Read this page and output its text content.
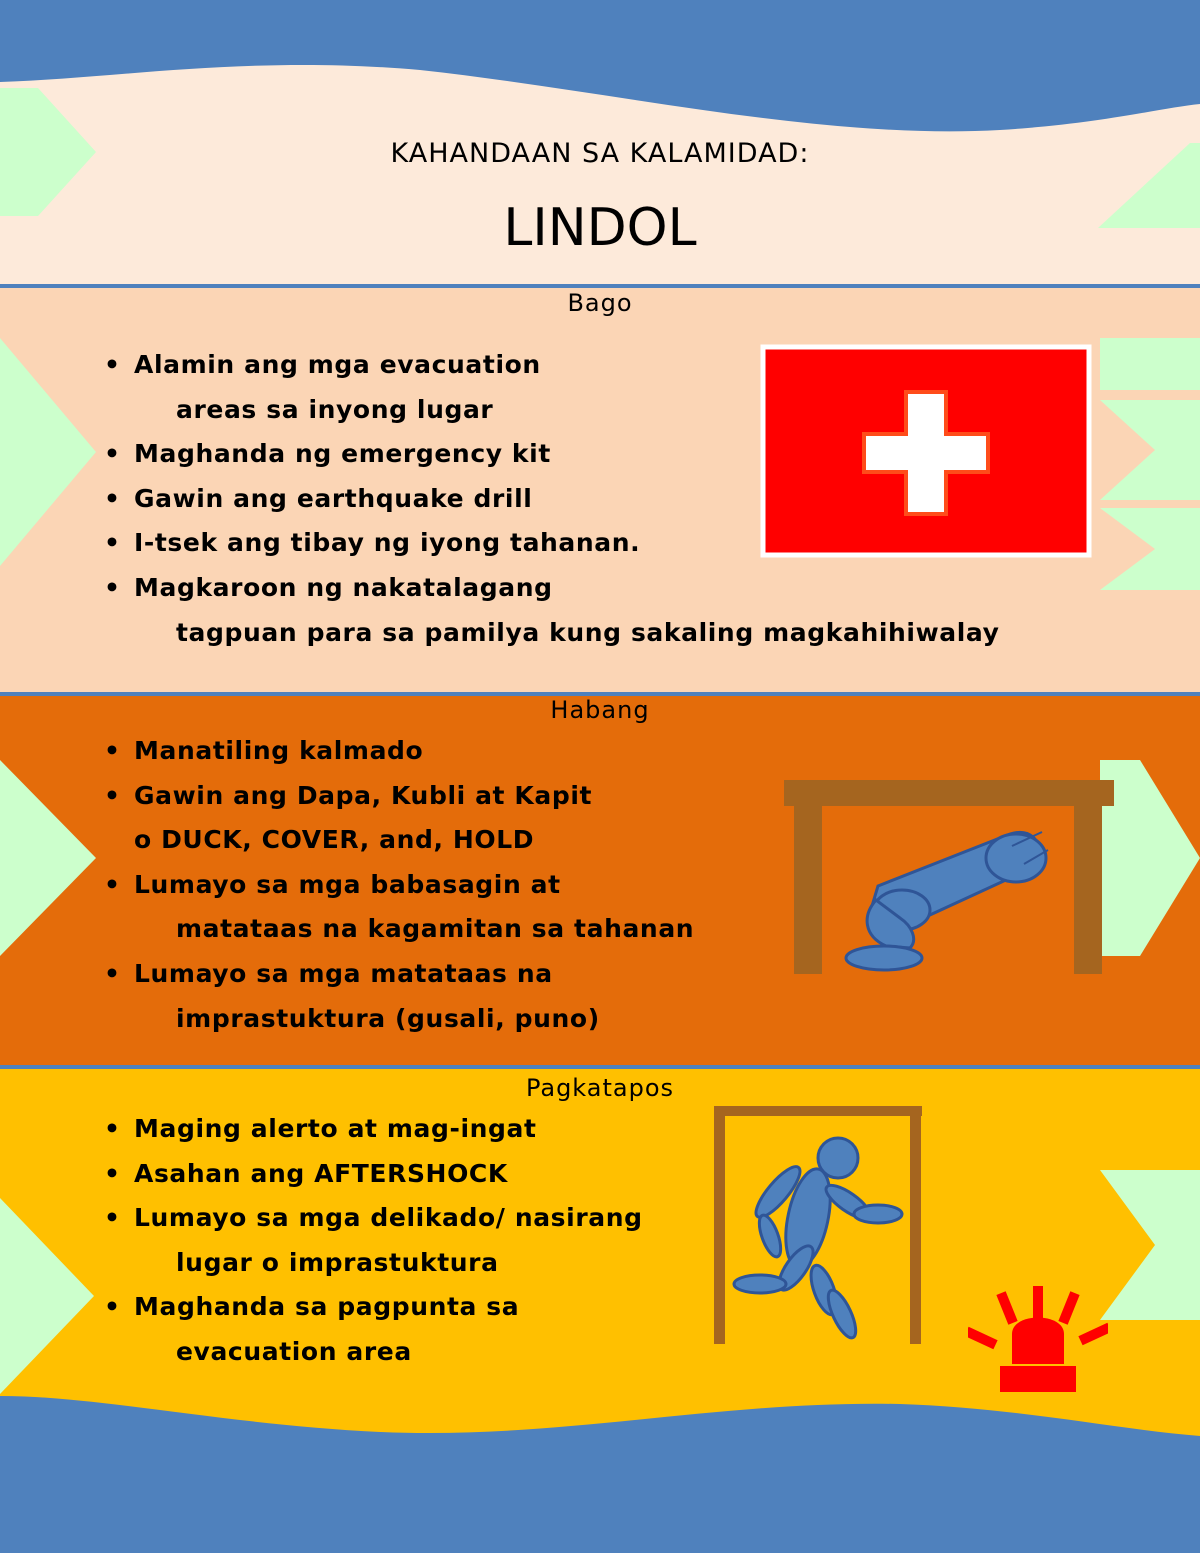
KAHANDAAN SA KALAMIDAD:
LINDOL
Bago
• Alamin ang mga evacuation
areas sa inyong lugar
• Maghanda ng emergency kit
• Gawin ang earthquake drill
• I-tsek ang tibay ng iyong tahanan.
• Magkaroon ng nakatalagang
tagpuan para sa pamilya kung sakaling magkahihiwalay
Habang
• Manatiling kalmado
• Gawin ang Dapa, Kubli at Kapit
o DUCK, COVER, and, HOLD
• Lumayo sa mga babasagin at
matataas na kagamitan sa tahanan
• Lumayo sa mga matataas na
imprastuktura (gusali, puno)
Pagkatapos
• Maging alerto at mag-ingat
• Asahan ang AFTERSHOCK
• Lumayo sa mga delikado/ nasirang
lugar o imprastuktura
• Maghanda sa pagpunta sa
evacuation area
